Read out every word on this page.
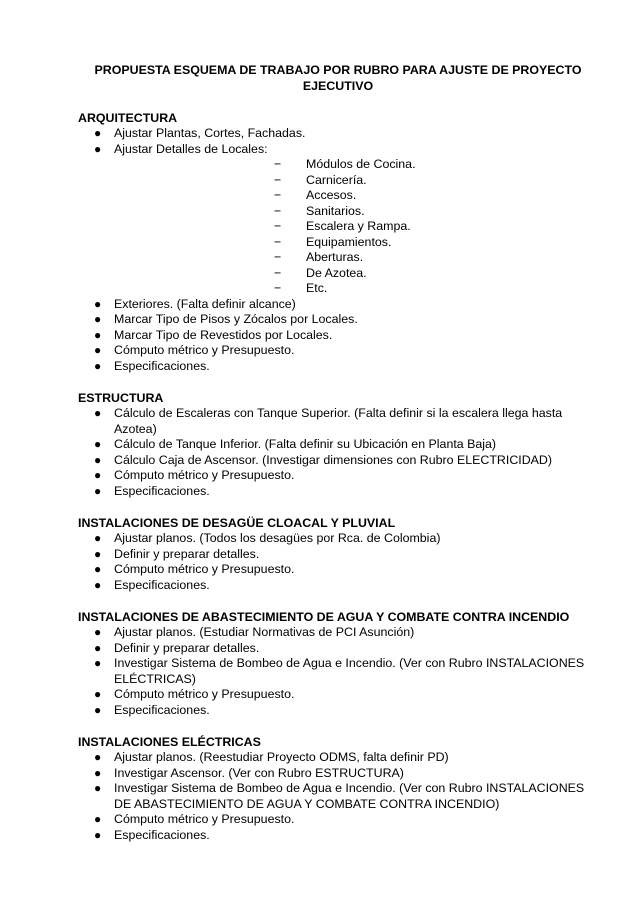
PROPUESTA ESQUEMA DE TRABAJO POR RUBRO PARA AJUSTE DE PROYECTO EJECUTIVO

ARQUITECTURA

● Ajustar Plantas, Cortes, Fachadas.
● Ajustar Detalles de Locales:
− Módulos de Cocina.
− Carnicería.
− Accesos.
− Sanitarios.
− Escalera y Rampa.
− Equipamientos.
− Aberturas.
− De Azotea.
− Etc.
● Exteriores. (Falta definir alcance)
● Marcar Tipo de Pisos y Zócalos por Locales.
● Marcar Tipo de Revestidos por Locales.
● Cómputo métrico y Presupuesto.
● Especificaciones.

ESTRUCTURA

● Cálculo de Escaleras con Tanque Superior. (Falta definir si la escalera llega hasta Azotea)
● Cálculo de Tanque Inferior. (Falta definir su Ubicación en Planta Baja)
● Cálculo Caja de Ascensor. (Investigar dimensiones con Rubro ELECTRICIDAD)
● Cómputo métrico y Presupuesto.
● Especificaciones.

INSTALACIONES DE DESAGÜE CLOACAL Y PLUVIAL

● Ajustar planos. (Todos los desagües por Rca. de Colombia)
● Definir y preparar detalles.
● Cómputo métrico y Presupuesto.
● Especificaciones.

INSTALACIONES DE ABASTECIMIENTO DE AGUA Y COMBATE CONTRA INCENDIO

● Ajustar planos. (Estudiar Normativas de PCI Asunción)
● Definir y preparar detalles.
● Investigar Sistema de Bombeo de Agua e Incendio. (Ver con Rubro INSTALACIONES ELÉCTRICAS)
● Cómputo métrico y Presupuesto.
● Especificaciones.

INSTALACIONES ELÉCTRICAS

● Ajustar planos. (Reestudiar Proyecto ODMS, falta definir PD)
● Investigar Ascensor. (Ver con Rubro ESTRUCTURA)
● Investigar Sistema de Bombeo de Agua e Incendio. (Ver con Rubro INSTALACIONES DE ABASTECIMIENTO DE AGUA Y COMBATE CONTRA INCENDIO)
● Cómputo métrico y Presupuesto.
● Especificaciones.
